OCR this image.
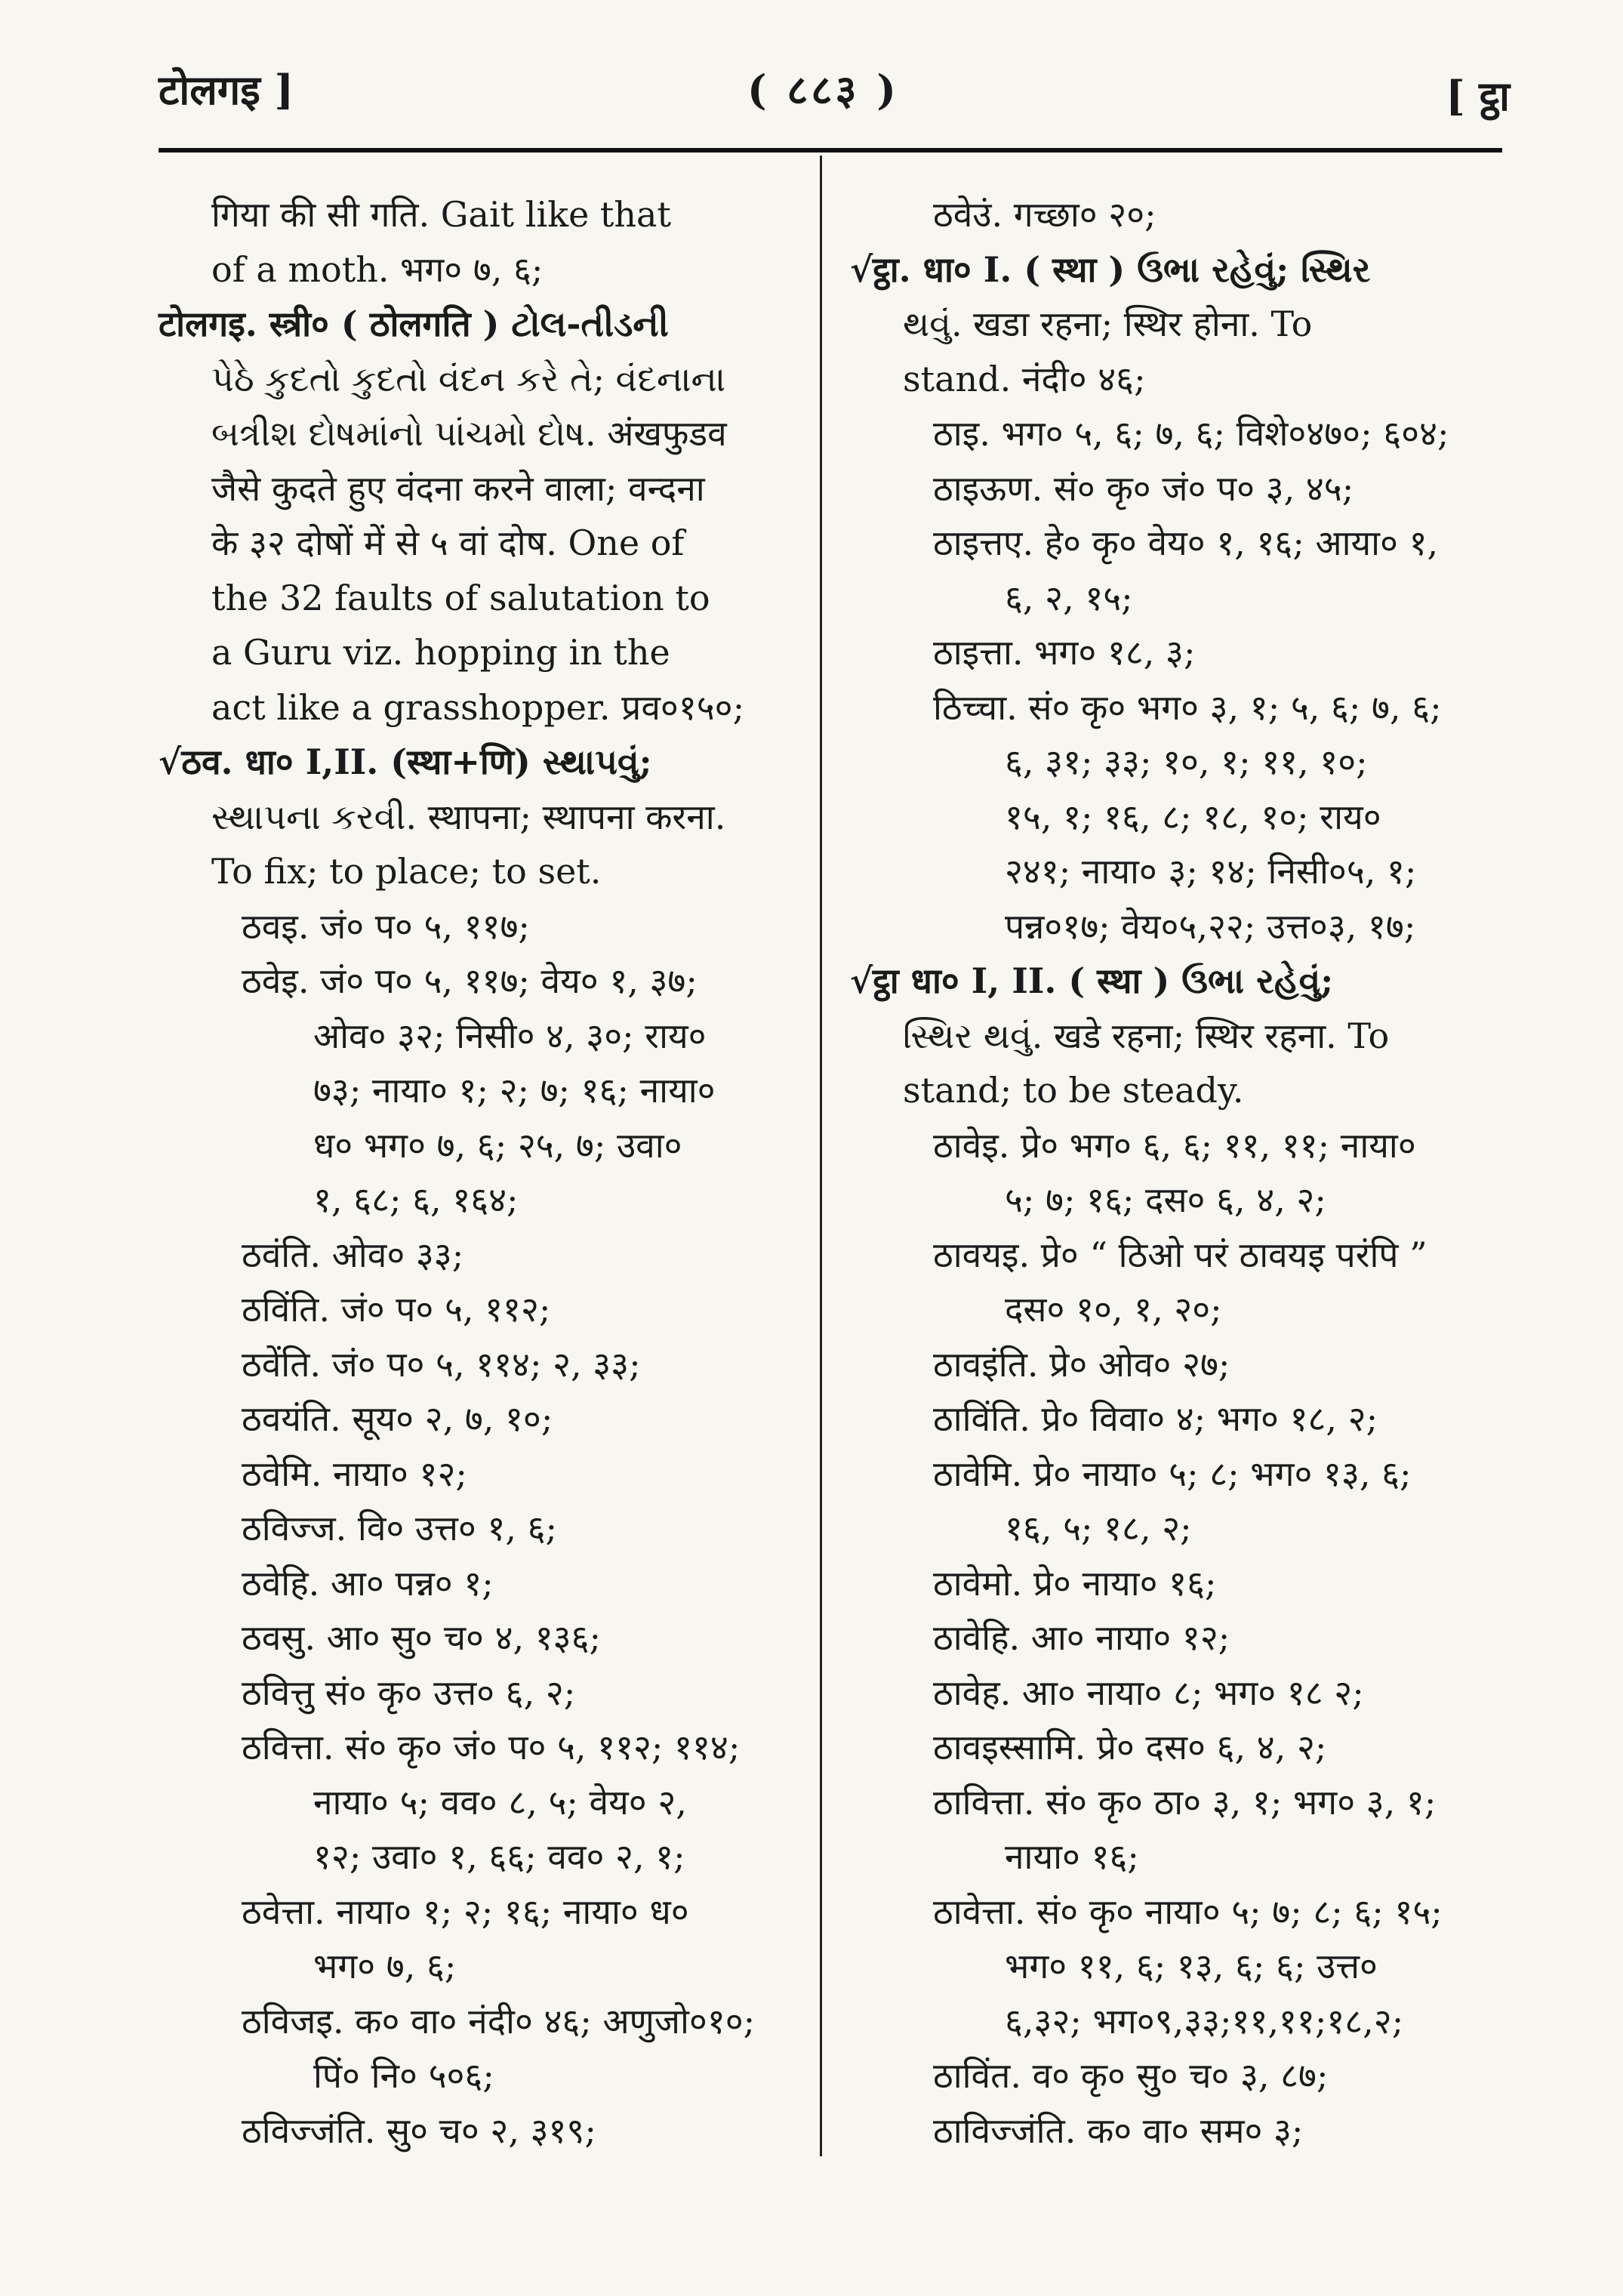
टोलगइ ]	( ८८३ )	[ ट्ठा
गिया की सी गति. Gait like that
of a moth. भग० ७, ६;
टोलगइ. स्त्री० ( ठोलगति ) ટોલ-તીડની
પેઠે કુદતો કુદતો વંદન કરે તે; વંદનાના
બત્રીશ દોષમાંનો પાંચમો દોષ. अंखफुडव
जैसे कुदते हुए वंदना करने वाला; वन्दना
के ३२ दोषों में से ५ वां दोष. One of
the 32 faults of salutation to
a Guru viz. hopping in the
act like a grasshopper. प्रव०१५०;
√ठव. धा० I,II. (स्था+णि) સ્થાપવું;
સ્થાપના કરવી. स्थापना; स्थापना करना.
To fix; to place; to set.
ठवइ. जं० प० ५, ११७;
ठवेइ. जं० प० ५, ११७; वेय० १, ३७;
ओव० ३२; निसी० ४, ३०; राय०
७३; नाया० १; २; ७; १६; नाया०
ध० भग० ७, ६; २५, ७; उवा०
१, ६८; ६, १६४;
ठवंति. ओव० ३३;
ठविंति. जं० प० ५, ११२;
ठवेंति. जं० प० ५, ११४; २, ३३;
ठवयंति. सूय० २, ७, १०;
ठवेमि. नाया० १२;
ठविज्ज. वि० उत्त० १, ६;
ठवेहि. आ० पन्न० १;
ठवसु. आ० सु० च० ४, १३६;
ठवित्तु सं० कृ० उत्त० ६, २;
ठवित्ता. सं० कृ० जं० प० ५, ११२; ११४;
नाया० ५; वव० ८, ५; वेय० २,
१२; उवा० १, ६६; वव० २, १;
ठवेत्ता. नाया० १; २; १६; नाया० ध०
भग० ७, ६;
ठविजइ. क० वा० नंदी० ४६; अणुजो०१०;
पिं० नि० ५०६;
ठविज्जंति. सु० च० २, ३१९;
ठवेउं. गच्छा० २०;
√ट्ठा. धा० I. ( स्था ) ઉભા રહેવું; સ્થિર
થવું. खडा रहना; स्थिर होना. To
stand. नंदी० ४६;
ठाइ. भग० ५, ६; ७, ६; विशे०४७०; ६०४;
ठाइऊण. सं० कृ० जं० प० ३, ४५;
ठाइत्तए. हे० कृ० वेय० १, १६; आया० १,
६, २, १५;
ठाइत्ता. भग० १८, ३;
ठिच्चा. सं० कृ० भग० ३, १; ५, ६; ७, ६;
६, ३१; ३३; १०, १; ११, १०;
१५, १; १६, ८; १८, १०; राय०
२४१; नाया० ३; १४; निसी०५, १;
पन्न०१७; वेय०५,२२; उत्त०३, १७;
√ट्ठा धा० I, II. ( स्था ) ઉભા રહેવું;
સ્થિર થવું. खडे रहना; स्थिर रहना. To
stand; to be steady.
ठावेइ. प्रे० भग० ६, ६; ११, ११; नाया०
५; ७; १६; दस० ६, ४, २;
ठावयइ. प्रे० “ ठिओ परं ठावयइ परंपि ”
दस० १०, १, २०;
ठावइंति. प्रे० ओव० २७;
ठाविंति. प्रे० विवा० ४; भग० १८, २;
ठावेमि. प्रे० नाया० ५; ८; भग० १३, ६;
१६, ५; १८, २;
ठावेमो. प्रे० नाया० १६;
ठावेहि. आ० नाया० १२;
ठावेह. आ० नाया० ८; भग० १८ २;
ठावइस्सामि. प्रे० दस० ६, ४, २;
ठावित्ता. सं० कृ० ठा० ३, १; भग० ३, १;
नाया० १६;
ठावेत्ता. सं० कृ० नाया० ५; ७; ८; ६; १५;
भग० ११, ६; १३, ६; ६; उत्त०
६,३२; भग०९,३३;११,११;१८,२;
ठाविंत. व० कृ० सु० च० ३, ८७;
ठाविज्जंति. क० वा० सम० ३;
